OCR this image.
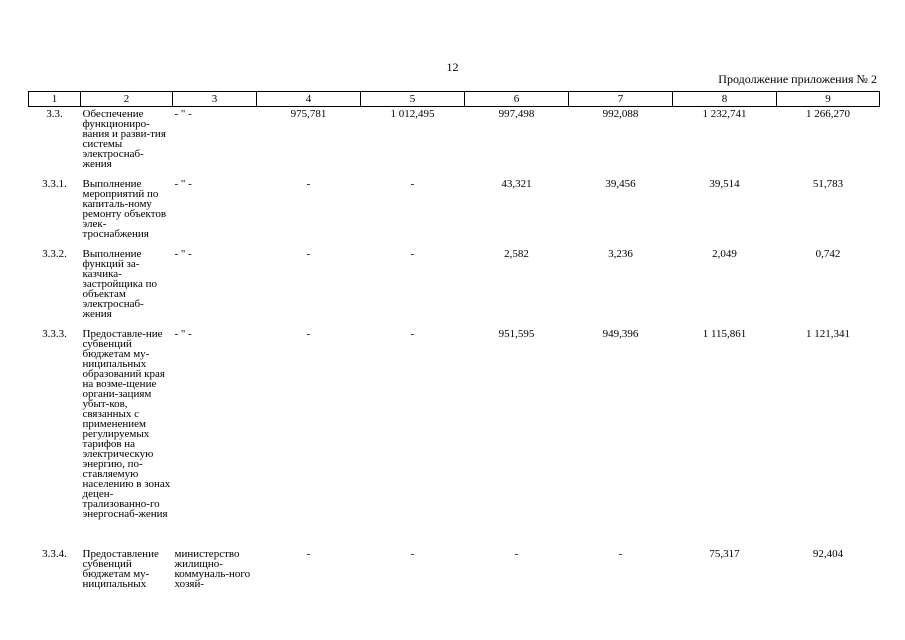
12
Продолжение приложения № 2
1	2	3	4	5	6	7	8	9
3.3.	Обеспечение функциониро-вания и разви-тия системы электроснаб-жения	- " -	975,781	1 012,495	997,498	992,088	1 232,741	1 266,270
3.3.1.	Выполнение мероприятий по капиталь-ному ремонту объектов элек-троснабжения	- " -	-	-	43,321	39,456	39,514	51,783
3.3.2.	Выполнение функций за-казчика-застройщика по объектам электроснаб-жения	- " -	-	-	2,582	3,236	2,049	0,742
3.3.3.	Предоставле-ние субвенций бюджетам му-ниципальных образований края на возме-щение органи-зациям убыт-ков, связанных с применением регулируемых тарифов на электрическую энергию, по-ставляемую населению в зонах децен-трализованно-го энергоснаб-жения	- " -	-	-	951,595	949,396	1 115,861	1 121,341
3.3.4.	Предоставление субвенций бюджетам му-ниципальных	министерство жилищно-коммуналь-ного хозяй-	-	-	-	-	75,317	92,404
